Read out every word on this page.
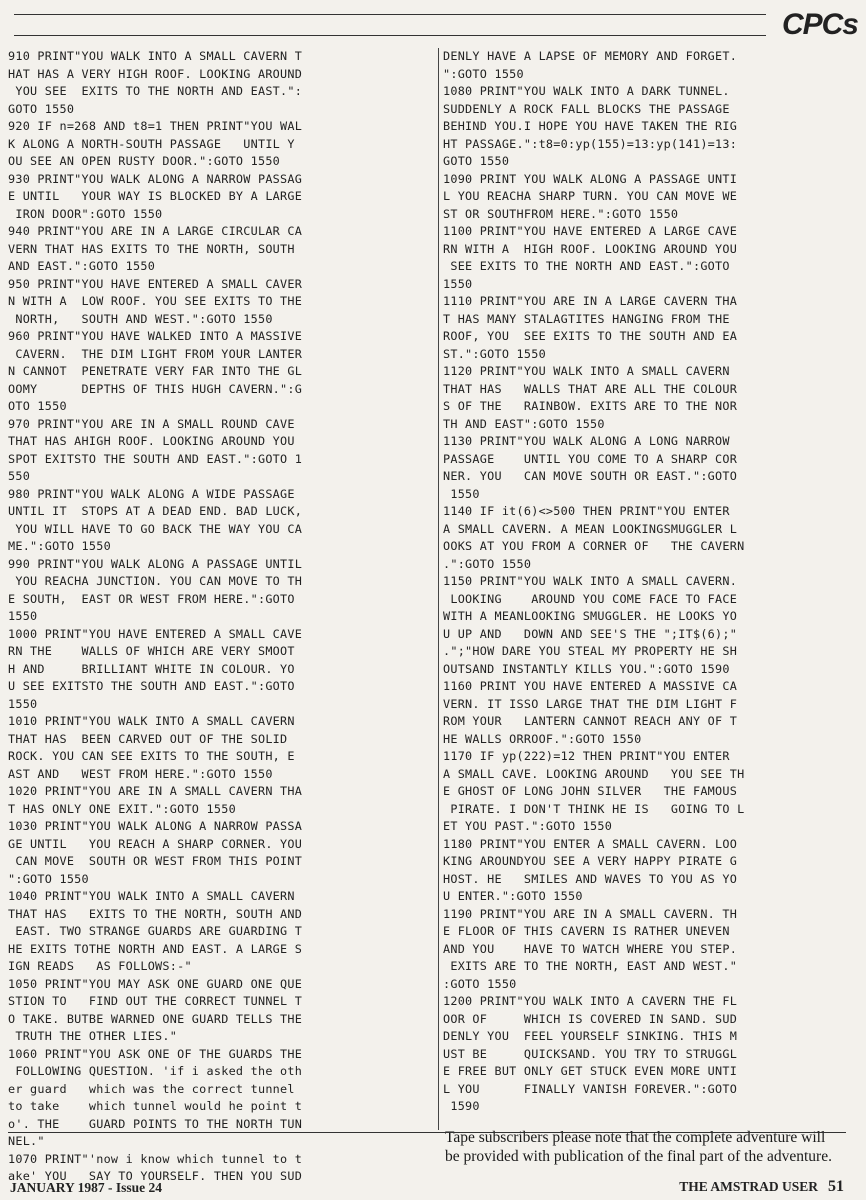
CPCs
910 PRINT"YOU WALK INTO A SMALL CAVERN T
HAT HAS A VERY HIGH ROOF. LOOKING AROUND
YOU SEE  EXITS TO THE NORTH AND EAST.":
GOTO 1550
920 IF n=268 AND t8=1 THEN PRINT"YOU WAL
K ALONG A NORTH-SOUTH PASSAGE   UNTIL Y
OU SEE AN OPEN RUSTY DOOR.":GOTO 1550
930 PRINT"YOU WALK ALONG A NARROW PASSAG
E UNTIL   YOUR WAY IS BLOCKED BY A LARGE
IRON DOOR":GOTO 1550
940 PRINT"YOU ARE IN A LARGE CIRCULAR CA
VERN THAT HAS EXITS TO THE NORTH, SOUTH
AND EAST.":GOTO 1550
950 PRINT"YOU HAVE ENTERED A SMALL CAVER
N WITH A  LOW ROOF. YOU SEE EXITS TO THE
NORTH,   SOUTH AND WEST.":GOTO 1550
960 PRINT"YOU HAVE WALKED INTO A MASSIVE
CAVERN.  THE DIM LIGHT FROM YOUR LANTER
N CANNOT  PENETRATE VERY FAR INTO THE GL
OOMY      DEPTHS OF THIS HUGH CAVERN.":G
OTO 1550
970 PRINT"YOU ARE IN A SMALL ROUND CAVE
THAT HAS AHIGH ROOF. LOOKING AROUND YOU
SPOT EXITSTO THE SOUTH AND EAST.":GOTO 1
550
980 PRINT"YOU WALK ALONG A WIDE PASSAGE
UNTIL IT  STOPS AT A DEAD END. BAD LUCK,
YOU WILL HAVE TO GO BACK THE WAY YOU CA
ME.":GOTO 1550
990 PRINT"YOU WALK ALONG A PASSAGE UNTIL
YOU REACHA JUNCTION. YOU CAN MOVE TO TH
E SOUTH,  EAST OR WEST FROM HERE.":GOTO
1550
1000 PRINT"YOU HAVE ENTERED A SMALL CAVE
RN THE    WALLS OF WHICH ARE VERY SMOOT
H AND     BRILLIANT WHITE IN COLOUR. YO
U SEE EXITSTO THE SOUTH AND EAST.":GOTO
1550
1010 PRINT"YOU WALK INTO A SMALL CAVERN
THAT HAS  BEEN CARVED OUT OF THE SOLID
ROCK. YOU CAN SEE EXITS TO THE SOUTH, E
AST AND   WEST FROM HERE.":GOTO 1550
1020 PRINT"YOU ARE IN A SMALL CAVERN THA
T HAS ONLY ONE EXIT.":GOTO 1550
1030 PRINT"YOU WALK ALONG A NARROW PASSA
GE UNTIL   YOU REACH A SHARP CORNER. YOU
CAN MOVE  SOUTH OR WEST FROM THIS POINT
":GOTO 1550
1040 PRINT"YOU WALK INTO A SMALL CAVERN
THAT HAS   EXITS TO THE NORTH, SOUTH AND
EAST. TWO STRANGE GUARDS ARE GUARDING T
HE EXITS TOTHE NORTH AND EAST. A LARGE S
IGN READS   AS FOLLOWS:-"
1050 PRINT"YOU MAY ASK ONE GUARD ONE QUE
STION TO   FIND OUT THE CORRECT TUNNEL T
O TAKE. BUTBE WARNED ONE GUARD TELLS THE
TRUTH THE OTHER LIES."
1060 PRINT"YOU ASK ONE OF THE GUARDS THE
FOLLOWING QUESTION. 'if i asked the oth
er guard   which was the correct tunnel
to take    which tunnel would he point t
o'. THE    GUARD POINTS TO THE NORTH TUN
NEL."
1070 PRINT"'now i know which tunnel to t
ake' YOU   SAY TO YOURSELF. THEN YOU SUD

DENLY HAVE A LAPSE OF MEMORY AND FORGET.
":GOTO 1550
1080 PRINT"YOU WALK INTO A DARK TUNNEL.
SUDDENLY A ROCK FALL BLOCKS THE PASSAGE
BEHIND YOU.I HOPE YOU HAVE TAKEN THE RIG
HT PASSAGE.":t8=0:yp(155)=13:yp(141)=13:
GOTO 1550
1090 PRINT YOU WALK ALONG A PASSAGE UNTI
L YOU REACHA SHARP TURN. YOU CAN MOVE WE
ST OR SOUTHFROM HERE.":GOTO 1550
1100 PRINT"YOU HAVE ENTERED A LARGE CAVE
RN WITH A  HIGH ROOF. LOOKING AROUND YOU
SEE EXITS TO THE NORTH AND EAST.":GOTO
1550
1110 PRINT"YOU ARE IN A LARGE CAVERN THA
T HAS MANY STALAGTITES HANGING FROM THE
ROOF, YOU  SEE EXITS TO THE SOUTH AND EA
ST.":GOTO 1550
1120 PRINT"YOU WALK INTO A SMALL CAVERN
THAT HAS   WALLS THAT ARE ALL THE COLOUR
S OF THE   RAINBOW. EXITS ARE TO THE NOR
TH AND EAST":GOTO 1550
1130 PRINT"YOU WALK ALONG A LONG NARROW
PASSAGE    UNTIL YOU COME TO A SHARP COR
NER. YOU   CAN MOVE SOUTH OR EAST.":GOTO
1550
1140 IF it(6)<>500 THEN PRINT"YOU ENTER
A SMALL CAVERN. A MEAN LOOKINGSMUGGLER L
OOKS AT YOU FROM A CORNER OF   THE CAVERN
.":GOTO 1550
1150 PRINT"YOU WALK INTO A SMALL CAVERN.
LOOKING    AROUND YOU COME FACE TO FACE
WITH A MEANLOOKING SMUGGLER. HE LOOKS YO
U UP AND   DOWN AND SEE'S THE ";IT$(6);"
.";"HOW DARE YOU STEAL MY PROPERTY HE SH
OUTSAND INSTANTLY KILLS YOU.":GOTO 1590
1160 PRINT YOU HAVE ENTERED A MASSIVE CA
VERN. IT ISSO LARGE THAT THE DIM LIGHT F
ROM YOUR   LANTERN CANNOT REACH ANY OF T
HE WALLS ORROOF.":GOTO 1550
1170 IF yp(222)=12 THEN PRINT"YOU ENTER
A SMALL CAVE. LOOKING AROUND   YOU SEE TH
E GHOST OF LONG JOHN SILVER   THE FAMOUS
PIRATE. I DON'T THINK HE IS   GOING TO L
ET YOU PAST.":GOTO 1550
1180 PRINT"YOU ENTER A SMALL CAVERN. LOO
KING AROUNDYOU SEE A VERY HAPPY PIRATE G
HOST. HE   SMILES AND WAVES TO YOU AS YO
U ENTER.":GOTO 1550
1190 PRINT"YOU ARE IN A SMALL CAVERN. TH
E FLOOR OF THIS CAVERN IS RATHER UNEVEN
AND YOU    HAVE TO WATCH WHERE YOU STEP.
EXITS ARE TO THE NORTH, EAST AND WEST."
:GOTO 1550
1200 PRINT"YOU WALK INTO A CAVERN THE FL
OOR OF     WHICH IS COVERED IN SAND. SUD
DENLY YOU  FEEL YOURSELF SINKING. THIS M
UST BE     QUICKSAND. YOU TRY TO STRUGGL
E FREE BUT ONLY GET STUCK EVEN MORE UNTI
L YOU      FINALLY VANISH FOREVER.":GOTO
1590

Tape subscribers please note that the complete adventure will be provided with publication of the final part of the adventure.
JANUARY 1987 - Issue 24	THE AMSTRAD USER 51
